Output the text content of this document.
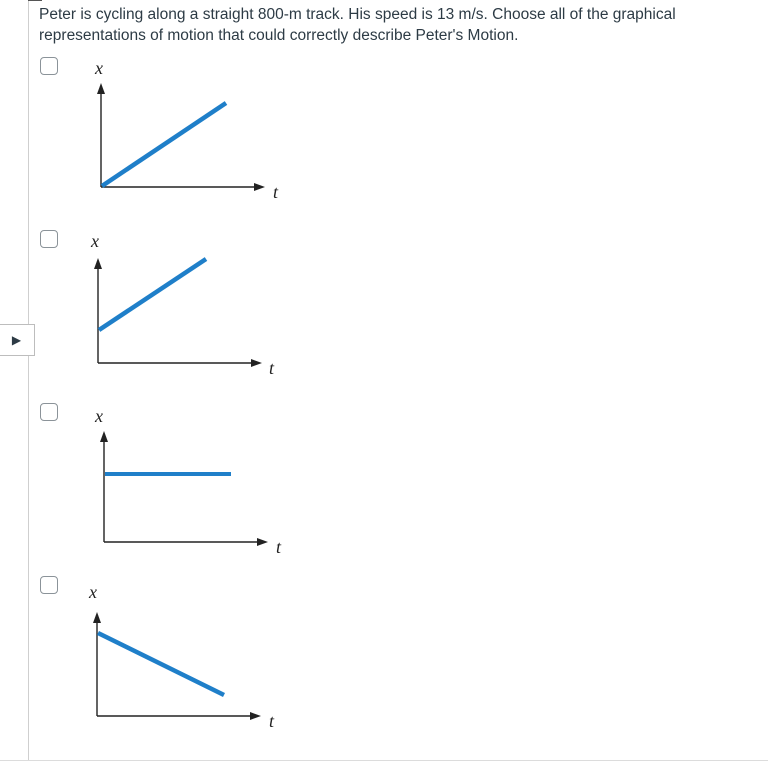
Peter is cycling along a straight 800-m track. His speed is 13 m/s. Choose all of the graphical representations of motion that could correctly describe Peter's Motion.

▶
x
t
x
t
x
t
x
t
